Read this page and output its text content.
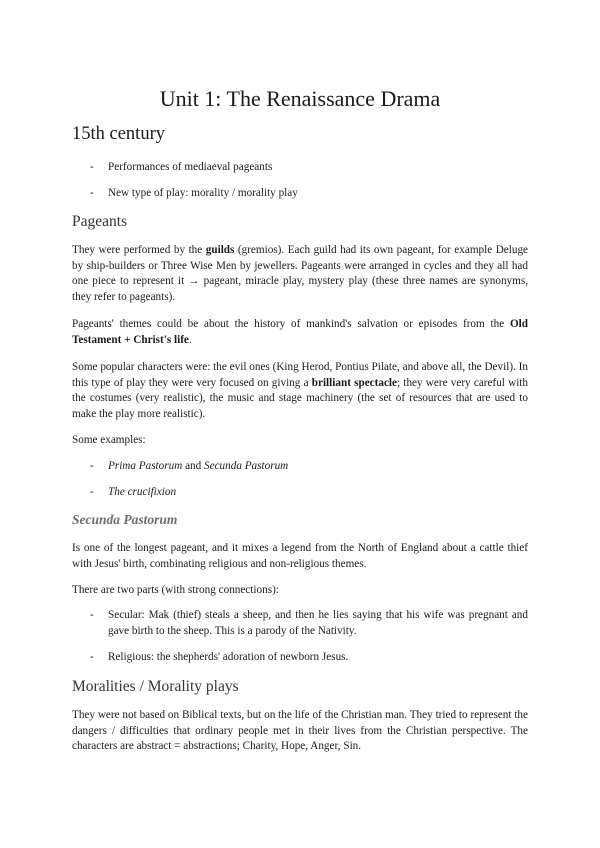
Unit 1: The Renaissance Drama
15th century
- Performances of mediaeval pageants
- New type of play: morality / morality play
Pageants

They were performed by the guilds (gremios). Each guild had its own pageant, for example Deluge by ship-builders or Three Wise Men by jewellers. Pageants were arranged in cycles and they all had one piece to represent it → pageant, miracle play, mystery play (these three names are synonyms, they refer to pageants).

Pageants' themes could be about the history of mankind's salvation or episodes from the Old Testament + Christ's life.

Some popular characters were: the evil ones (King Herod, Pontius Pilate, and above all, the Devil). In this type of play they were very focused on giving a brilliant spectacle; they were very careful with the costumes (very realistic), the music and stage machinery (the set of resources that are used to make the play more realistic).

Some examples:

- Prima Pastorum and Secunda Pastorum
- The crucifixion
Secunda Pastorum

Is one of the longest pageant, and it mixes a legend from the North of England about a cattle thief with Jesus' birth, combinating religious and non-religious themes.

There are two parts (with strong connections):

- Secular: Mak (thief) steals a sheep, and then he lies saying that his wife was pregnant and gave birth to the sheep. This is a parody of the Nativity.
- Religious: the shepherds' adoration of newborn Jesus.
Moralities / Morality plays

They were not based on Biblical texts, but on the life of the Christian man. They tried to represent the dangers / difficulties that ordinary people met in their lives from the Christian perspective. The characters are abstract = abstractions; Charity, Hope, Anger, Sin.
